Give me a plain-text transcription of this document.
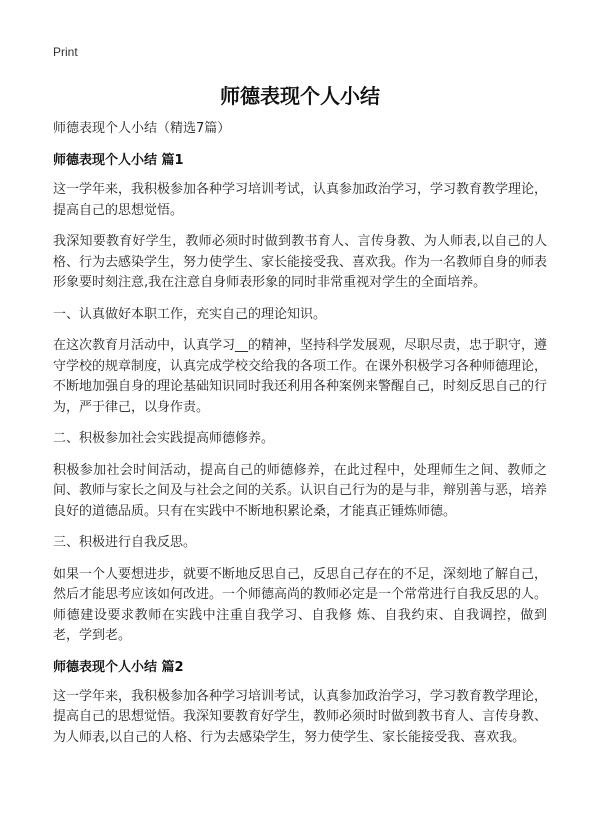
Print
师德表现个人小结

师德表现个人小结（精选7篇）

师德表现个人小结 篇1

这一学年来，我积极参加各种学习培训考试，认真参加政治学习，学习教育教学理论，提高自己的思想觉悟。

我深知要教育好学生，教师必须时时做到教书育人、言传身教、为人师表,以自己的人格、行为去感染学生，努力使学生、家长能接受我、喜欢我。作为一名教师自身的师表形象要时刻注意,我在注意自身师表形象的同时非常重视对学生的全面培养。

一、认真做好本职工作，充实自己的理论知识。

在这次教育月活动中，认真学习__的精神，坚持科学发展观，尽职尽责，忠于职守，遵守学校的规章制度，认真完成学校交给我的各项工作。在课外积极学习各种师德理论，不断地加强自身的理论基础知识同时我还利用各种案例来警醒自己，时刻反思自己的行为，严于律己，以身作责。

二、积极参加社会实践提高师德修养。

积极参加社会时间活动，提高自己的师德修养，在此过程中，处理师生之间、教师之间、教师与家长之间及与社会之间的关系。认识自己行为的是与非，辩别善与恶，培养良好的道德品质。只有在实践中不断地积累论桑，才能真正锺炼师德。

三、积极进行自我反思。

如果一个人要想进步，就要不断地反思自己，反思自己存在的不足，深刻地了解自己，然后才能思考应该如何改进。一个师德高尚的教师必定是一个常常进行自我反思的人。师德建设要求教师在实践中注重自我学习、自我修 炼、自我约束、自我调控，做到老，学到老。

师德表现个人小结 篇2

这一学年来，我积极参加各种学习培训考试，认真参加政治学习，学习教育教学理论，提高自己的思想觉悟。我深知要教育好学生，教师必须时时做到教书育人、言传身教、为人师表,以自己的人格、行为去感染学生，努力使学生、家长能接受我、喜欢我。
